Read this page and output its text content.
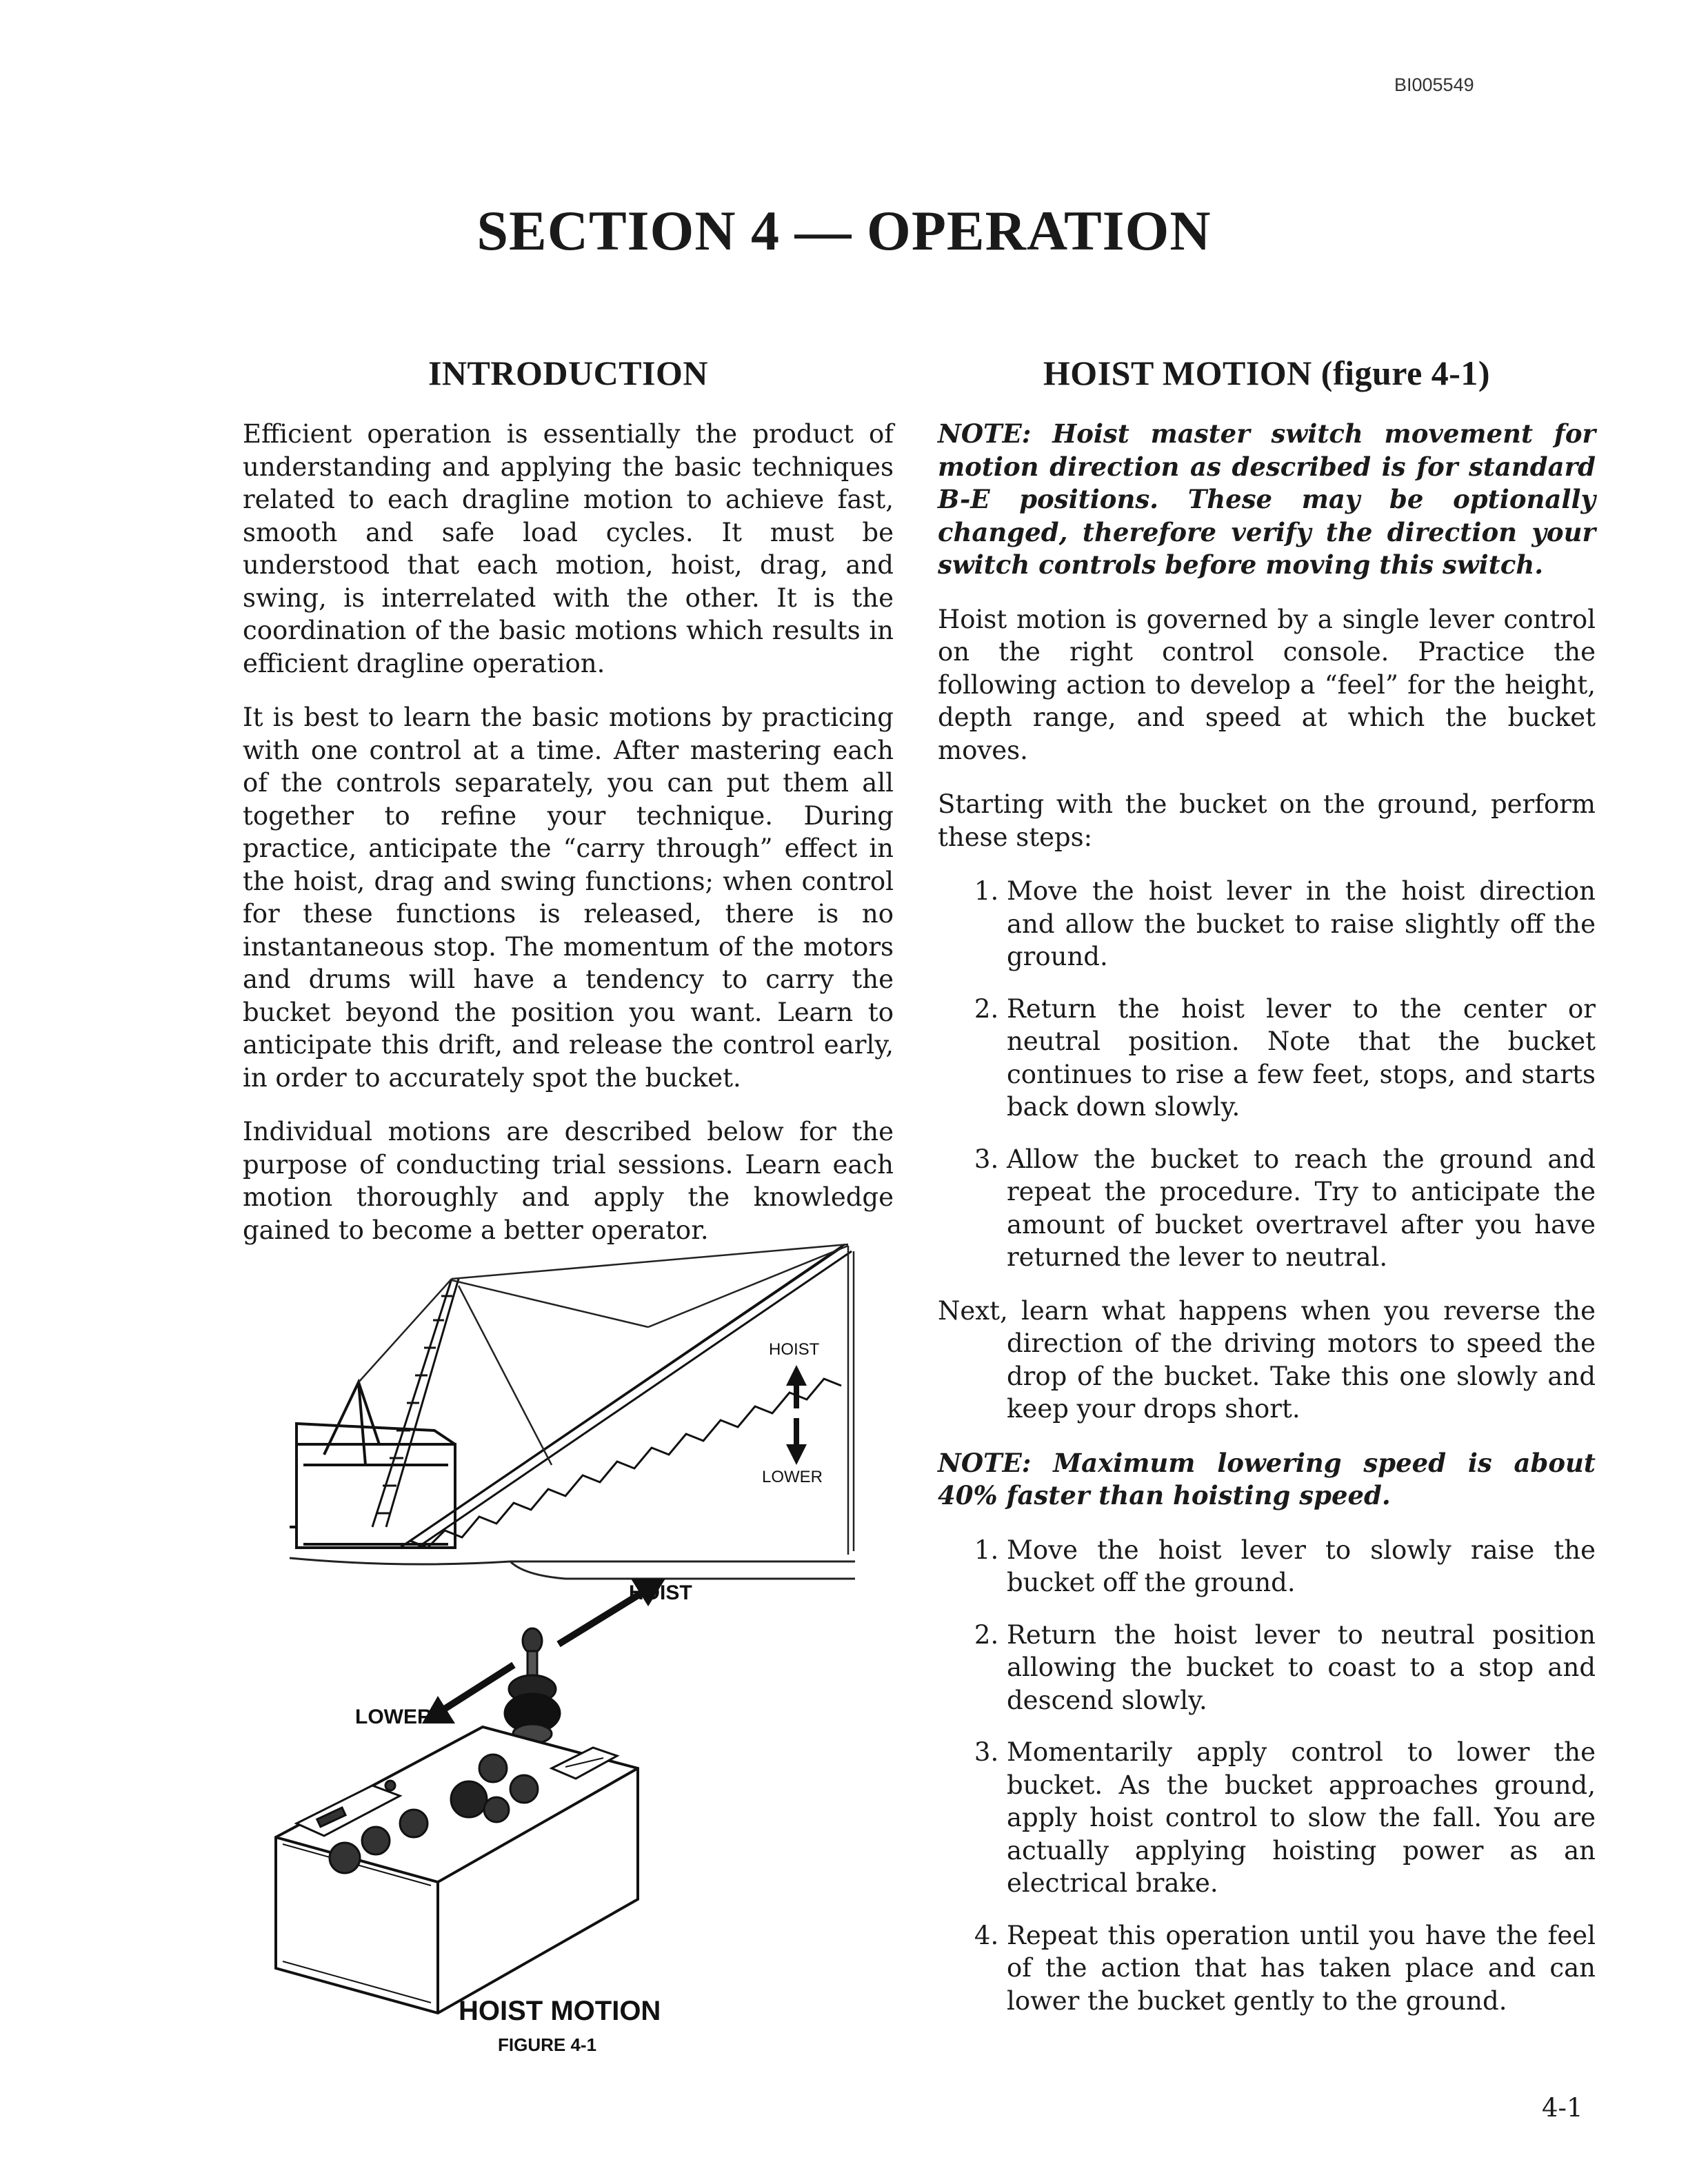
BI005549
SECTION 4 — OPERATION
INTRODUCTION

Efficient operation is essentially the product of understanding and applying the basic techniques related to each dragline motion to achieve fast, smooth and safe load cycles. It must be understood that each motion, hoist, drag, and swing, is interrelated with the other. It is the coordination of the basic motions which results in efficient dragline operation.

It is best to learn the basic motions by practicing with one control at a time. After mastering each of the controls separately, you can put them all together to refine your technique. During practice, anticipate the “carry through” effect in the hoist, drag and swing functions; when control for these functions is released, there is no instantaneous stop. The momentum of the motors and drums will have a tendency to carry the bucket beyond the position you want. Learn to anticipate this drift, and release the control early, in order to accurately spot the bucket.

Individual motions are described below for the purpose of conducting trial sessions. Learn each motion thoroughly and apply the knowledge gained to become a better operator.

HOIST
LOWER
HOIST
LOWER
HOIST MOTION
FIGURE 4-1
HOIST MOTION (figure 4-1)

NOTE: Hoist master switch movement for motion direction as described is for standard B-E positions. These may be optionally changed, therefore verify the direction your switch controls before moving this switch.

Hoist motion is governed by a single lever control on the right control console. Practice the following action to develop a “feel” for the height, depth range, and speed at which the bucket moves.

Starting with the bucket on the ground, perform these steps:

1. Move the hoist lever in the hoist direction and allow the bucket to raise slightly off the ground.
2. Return the hoist lever to the center or neutral position. Note that the bucket continues to rise a few feet, stops, and starts back down slowly.
3. Allow the bucket to reach the ground and repeat the procedure. Try to anticipate the amount of bucket overtravel after you have returned the lever to neutral.

Next, learn what happens when you reverse the direction of the driving motors to speed the drop of the bucket. Take this one slowly and keep your drops short.

NOTE: Maximum lowering speed is about 40% faster than hoisting speed.

1. Move the hoist lever to slowly raise the bucket off the ground.
2. Return the hoist lever to neutral position allowing the bucket to coast to a stop and descend slowly.
3. Momentarily apply control to lower the bucket. As the bucket approaches ground, apply hoist control to slow the fall. You are actually applying hoisting power as an electrical brake.
4. Repeat this operation until you have the feel of the action that has taken place and can lower the bucket gently to the ground.
4-1
